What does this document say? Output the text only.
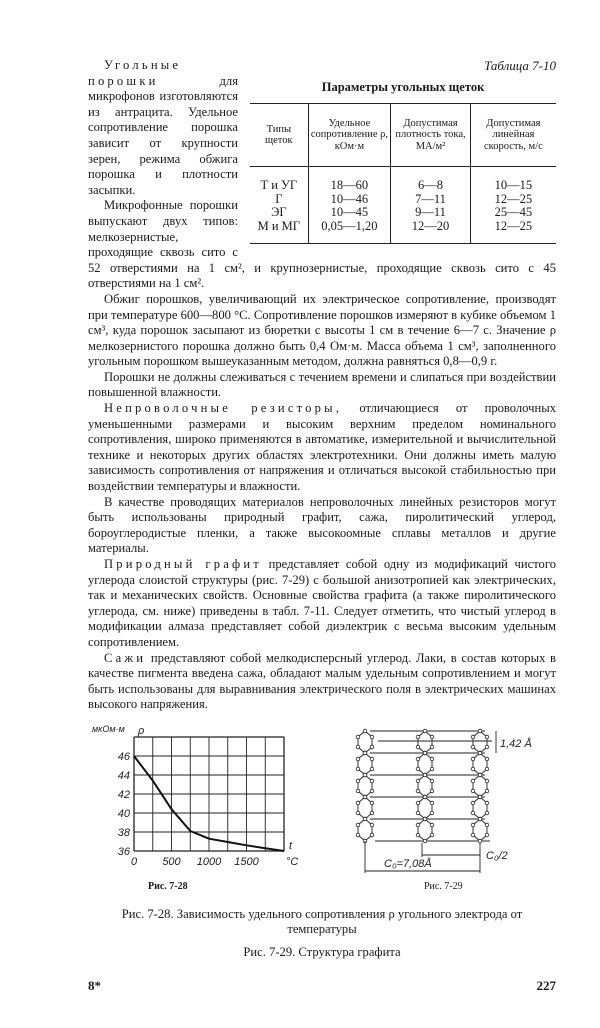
Таблица 7-10
Параметры угольных щеток
Типы щеток	Удельное сопротивление ρ, кОм·м	Допустимая плотность тока, МА/м²	Допустимая линейная скорость, м/с
Т и УГ	18—60	6—8	10—15
Г	10—46	7—11	12—25
ЭГ	10—45	9—11	25—45
М и МГ	0,05—1,20	12—20	12—25

Угольные порошки для микрофонов изготовляются из антрацита. Удельное сопротивление порошка зависит от крупности зерен, режима обжига порошка и плотности засыпки.

Микрофонные порошки выпускают двух типов: мелкозернистые, проходящие сквозь сито с 52 отверстиями на 1 см², и крупнозернистые, проходящие сквозь сито с 45 отверстиями на 1 см².

Обжиг порошков, увеличивающий их электрическое сопротивление, производят при температуре 600—800 °С. Сопротивление порошков измеряют в кубике объемом 1 см³, куда порошок засыпают из бюретки с высоты 1 см в течение 6—7 с. Значение ρ мелкозернистого порошка должно быть 0,4 Ом·м. Масса объема 1 см³, заполненного угольным порошком вышеуказанным методом, должна равняться 0,8—0,9 г.

Порошки не должны слеживаться с течением времени и слипаться при воздействии повышенной влажности.

Непроволочные резисторы, отличающиеся от проволочных уменьшенными размерами и высоким верхним пределом номинального сопротивления, широко применяются в автоматике, измерительной и вычислительной технике и некоторых других областях электротехники. Они должны иметь малую зависимость сопротивления от напряжения и отличаться высокой стабильностью при воздействии температуры и влажности.

В качестве проводящих материалов непроволочных линейных резисторов могут быть использованы природный графит, сажа, пиролитический углерод, бороуглеродистые пленки, а также высокоомные сплавы металлов и другие материалы.

Природный графит представляет собой одну из модификаций чистого углерода слоистой структуры (рис. 7-29) с большой анизотропией как электрических, так и механических свойств. Основные свойства графита (а также пиролитического углерода, см. ниже) приведены в табл. 7-11. Следует отметить, что чистый углерод в модификации алмаза представляет собой диэлектрик с весьма высоким удельным сопротивлением.

Сажи представляют собой мелкодисперсный углерод. Лаки, в состав которых в качестве пигмента введена сажа, обладают малым удельным сопротивлением и могут быть использованы для выравнивания электрического поля в электрических машинах высокого напряжения.

36
38
40
42
44
46
0 500 1000 1500
мкОм·м ρ
t
°C
Рис. 7-28
1,42 Å
C₀/2
C₀=7,08Å
Рис. 7-29
Рис. 7-28. Зависимость удельного сопротивления ρ угольного электрода от температуры
Рис. 7-29. Структура графита
8*	227
